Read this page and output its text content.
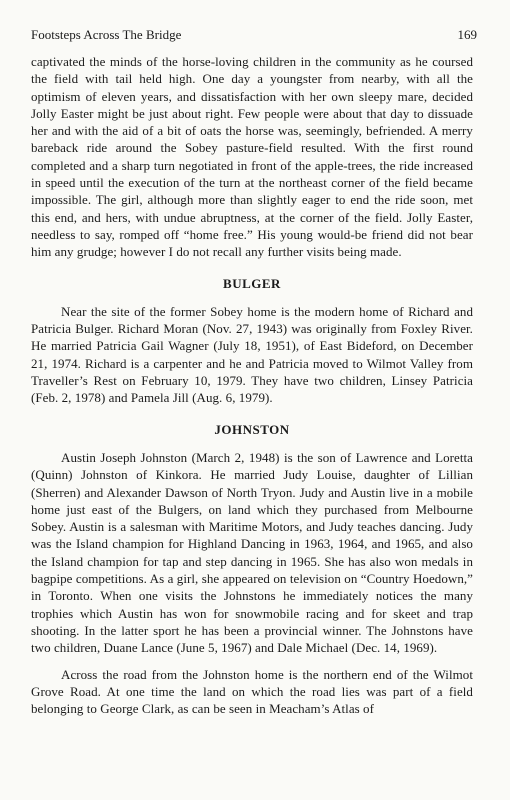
Footsteps Across The Bridge	169

captivated the minds of the horse-loving children in the community as he coursed the field with tail held high. One day a youngster from nearby, with all the optimism of eleven years, and dissatisfaction with her own sleepy mare, decided Jolly Easter might be just about right. Few people were about that day to dissuade her and with the aid of a bit of oats the horse was, seemingly, befriended. A merry bareback ride around the Sobey pasture-field resulted. With the first round completed and a sharp turn negotiated in front of the apple-trees, the ride increased in speed until the execution of the turn at the northeast corner of the field became impossible. The girl, although more than slightly eager to end the ride soon, met this end, and hers, with undue abruptness, at the corner of the field. Jolly Easter, needless to say, romped off “home free.” His young would-be friend did not bear him any grudge; however I do not recall any further visits being made.

BULGER

Near the site of the former Sobey home is the modern home of Richard and Patricia Bulger. Richard Moran (Nov. 27, 1943) was originally from Foxley River. He married Patricia Gail Wagner (July 18, 1951), of East Bideford, on December 21, 1974. Richard is a carpenter and he and Patricia moved to Wilmot Valley from Traveller’s Rest on February 10, 1979. They have two children, Linsey Patricia (Feb. 2, 1978) and Pamela Jill (Aug. 6, 1979).

JOHNSTON

Austin Joseph Johnston (March 2, 1948) is the son of Lawrence and Loretta (Quinn) Johnston of Kinkora. He married Judy Louise, daughter of Lillian (Sherren) and Alexander Dawson of North Tryon. Judy and Austin live in a mobile home just east of the Bulgers, on land which they purchased from Melbourne Sobey. Austin is a salesman with Maritime Motors, and Judy teaches dancing. Judy was the Island champion for Highland Dancing in 1963, 1964, and 1965, and also the Island champion for tap and step dancing in 1965. She has also won medals in bagpipe competitions. As a girl, she appeared on television on “Country Hoedown,” in Toronto. When one visits the Johnstons he immediately notices the many trophies which Austin has won for snowmobile racing and for skeet and trap shooting. In the latter sport he has been a provincial winner. The Johnstons have two children, Duane Lance (June 5, 1967) and Dale Michael (Dec. 14, 1969).

Across the road from the Johnston home is the northern end of the Wilmot Grove Road. At one time the land on which the road lies was part of a field belonging to George Clark, as can be seen in Meacham’s Atlas of
